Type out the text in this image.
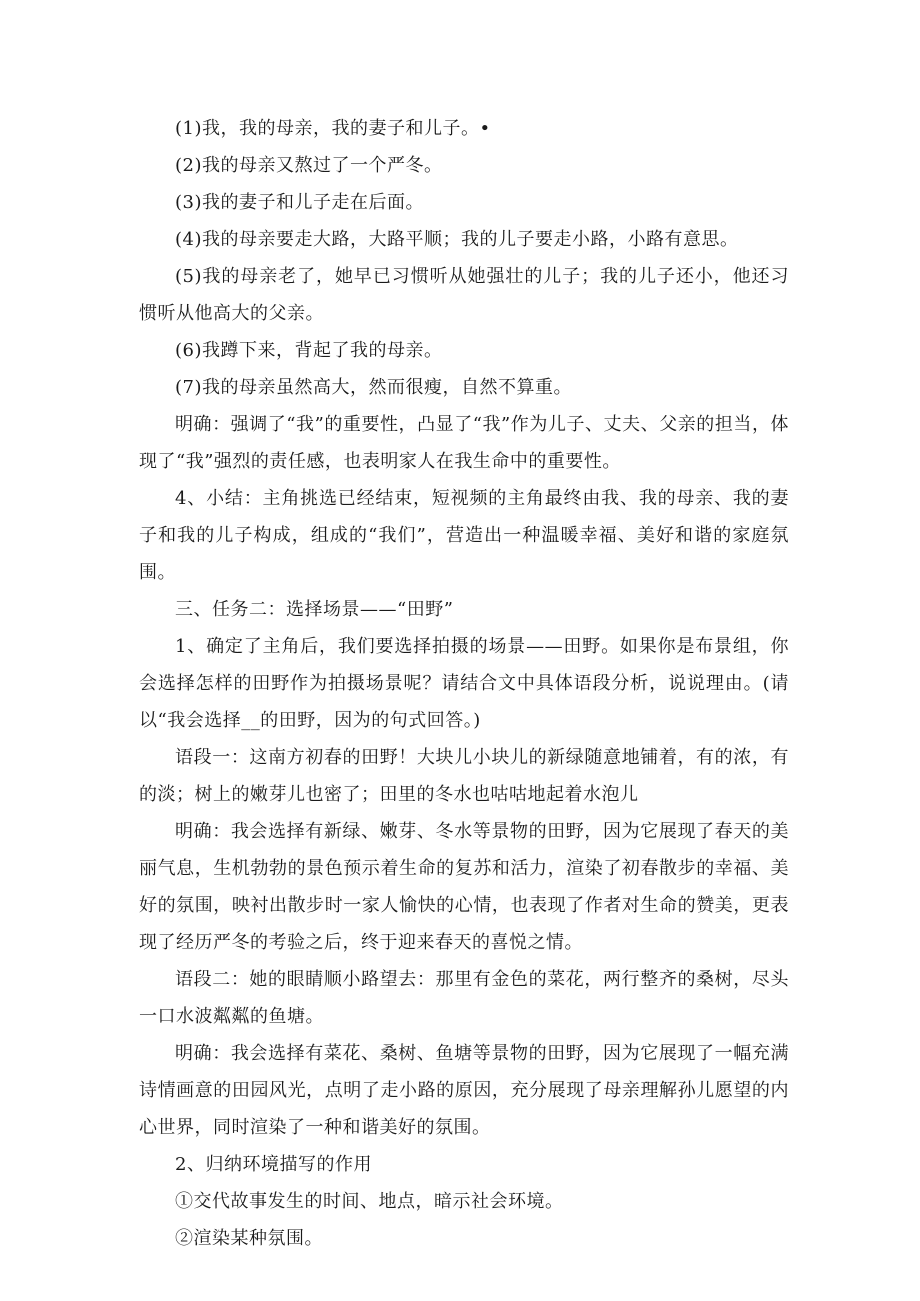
(1)我，我的母亲，我的妻子和儿子。•

(2)我的母亲又熬过了一个严冬。

(3)我的妻子和儿子走在后面。

(4)我的母亲要走大路，大路平顺；我的儿子要走小路，小路有意思。

(5)我的母亲老了，她早已习惯听从她强壮的儿子；我的儿子还小，他还习惯听从他高大的父亲。

(6)我蹲下来，背起了我的母亲。

(7)我的母亲虽然高大，然而很瘦，自然不算重。

明确：强调了“我”的重要性，凸显了“我”作为儿子、丈夫、父亲的担当，体现了“我”强烈的责任感，也表明家人在我生命中的重要性。

4、小结：主角挑选已经结束，短视频的主角最终由我、我的母亲、我的妻子和我的儿子构成，组成的“我们”，营造出一种温暖幸福、美好和谐的家庭氛围。

三、任务二：选择场景——“田野”

1、确定了主角后，我们要选择拍摄的场景——田野。如果你是布景组，你会选择怎样的田野作为拍摄场景呢？请结合文中具体语段分析，说说理由。(请以“我会选择__的田野，因为的句式回答。)

语段一：这南方初春的田野！大块儿小块儿的新绿随意地铺着，有的浓，有的淡；树上的嫩芽儿也密了；田里的冬水也咕咕地起着水泡儿

明确：我会选择有新绿、嫩芽、冬水等景物的田野，因为它展现了春天的美丽气息，生机勃勃的景色预示着生命的复苏和活力，渲染了初春散步的幸福、美好的氛围，映衬出散步时一家人愉快的心情，也表现了作者对生命的赞美，更表现了经历严冬的考验之后，终于迎来春天的喜悦之情。

语段二：她的眼睛顺小路望去：那里有金色的菜花，两行整齐的桑树，尽头一口水波粼粼的鱼塘。

明确：我会选择有菜花、桑树、鱼塘等景物的田野，因为它展现了一幅充满诗情画意的田园风光，点明了走小路的原因，充分展现了母亲理解孙儿愿望的内心世界，同时渲染了一种和谐美好的氛围。

2、归纳环境描写的作用

①交代故事发生的时间、地点，暗示社会环境。

②渲染某种氛围。
